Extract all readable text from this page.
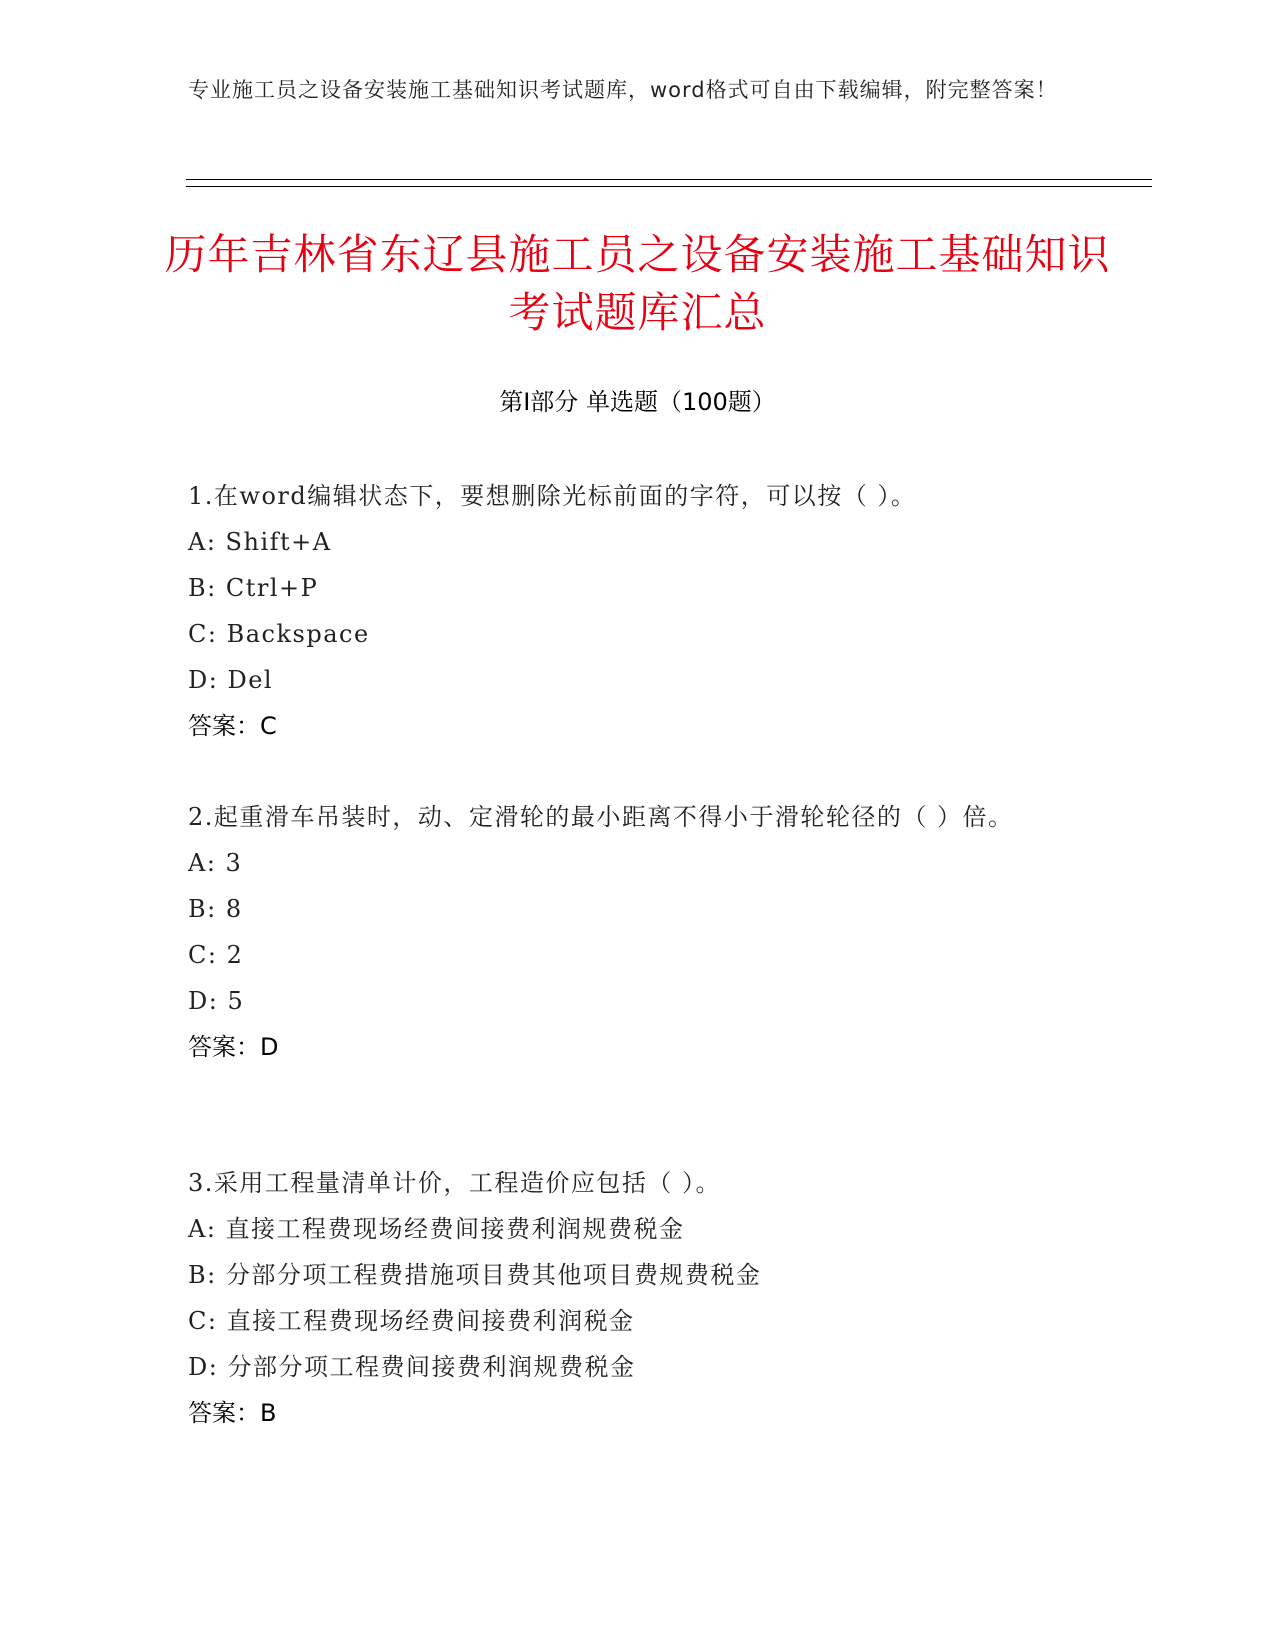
专业施工员之设备安装施工基础知识考试题库，word格式可自由下载编辑，附完整答案！
历年吉林省东辽县施工员之设备安装施工基础知识考试题库汇总
第I部分 单选题（100题）

1.在word编辑状态下，要想删除光标前面的字符，可以按（ ）。

A: Shift+A

B: Ctrl+P

C: Backspace

D: Del

答案：C

2.起重滑车吊装时，动、定滑轮的最小距离不得小于滑轮轮径的（ ）倍。

A: 3

B: 8

C: 2

D: 5

答案：D

3.采用工程量清单计价，工程造价应包括（ ）。

A: 直接工程费现场经费间接费利润规费税金

B: 分部分项工程费措施项目费其他项目费规费税金

C: 直接工程费现场经费间接费利润税金

D: 分部分项工程费间接费利润规费税金

答案：B
